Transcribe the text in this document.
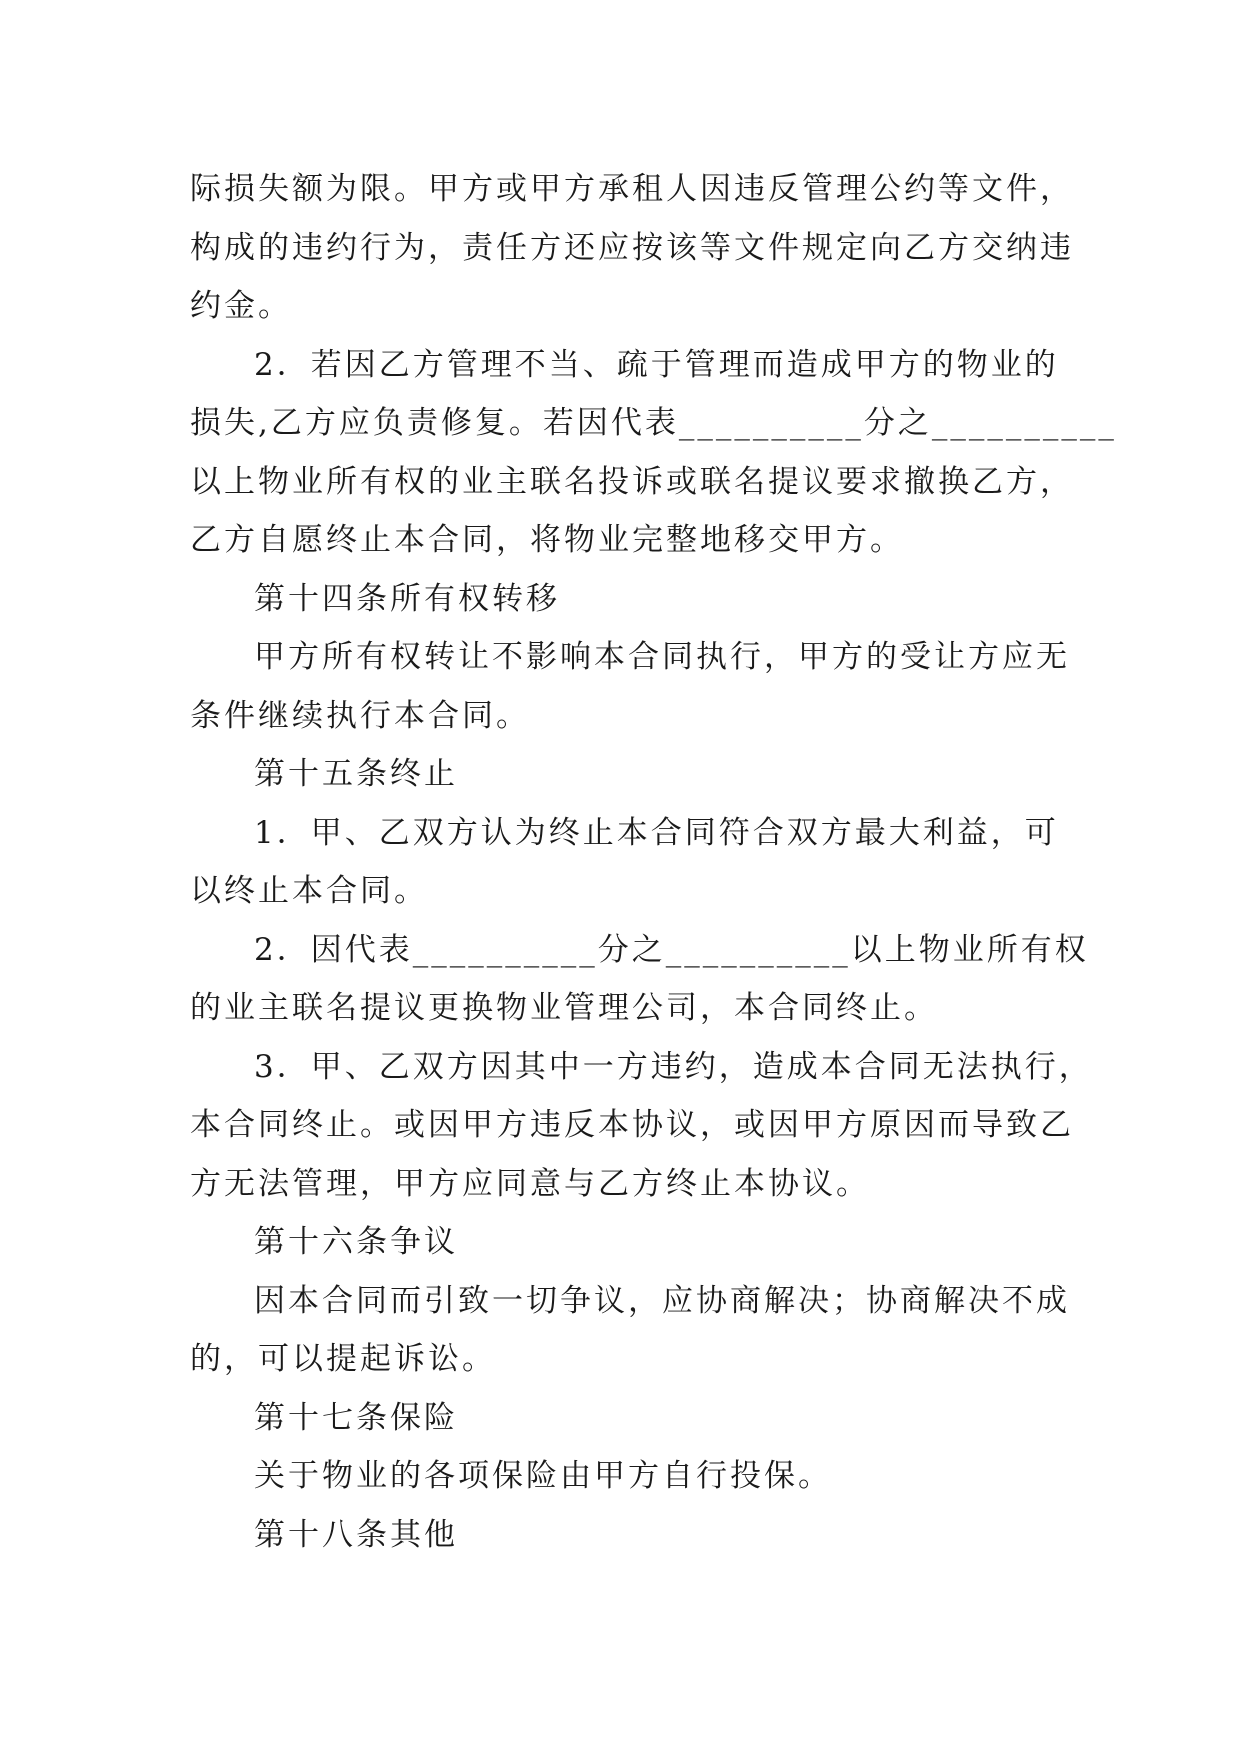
际损失额为限。甲方或甲方承租人因违反管理公约等文件，
构成的违约行为，责任方还应按该等文件规定向乙方交纳违
约金。
2．若因乙方管理不当、疏于管理而造成甲方的物业的
损失,乙方应负责修复。若因代表__________分之__________
以上物业所有权的业主联名投诉或联名提议要求撤换乙方，
乙方自愿终止本合同，将物业完整地移交甲方。
第十四条所有权转移
甲方所有权转让不影响本合同执行，甲方的受让方应无
条件继续执行本合同。
第十五条终止
1．甲、乙双方认为终止本合同符合双方最大利益，可
以终止本合同。
2．因代表__________分之__________以上物业所有权
的业主联名提议更换物业管理公司，本合同终止。
3．甲、乙双方因其中一方违约，造成本合同无法执行，
本合同终止。或因甲方违反本协议，或因甲方原因而导致乙
方无法管理，甲方应同意与乙方终止本协议。
第十六条争议
因本合同而引致一切争议，应协商解决；协商解决不成
的，可以提起诉讼。
第十七条保险
关于物业的各项保险由甲方自行投保。
第十八条其他
